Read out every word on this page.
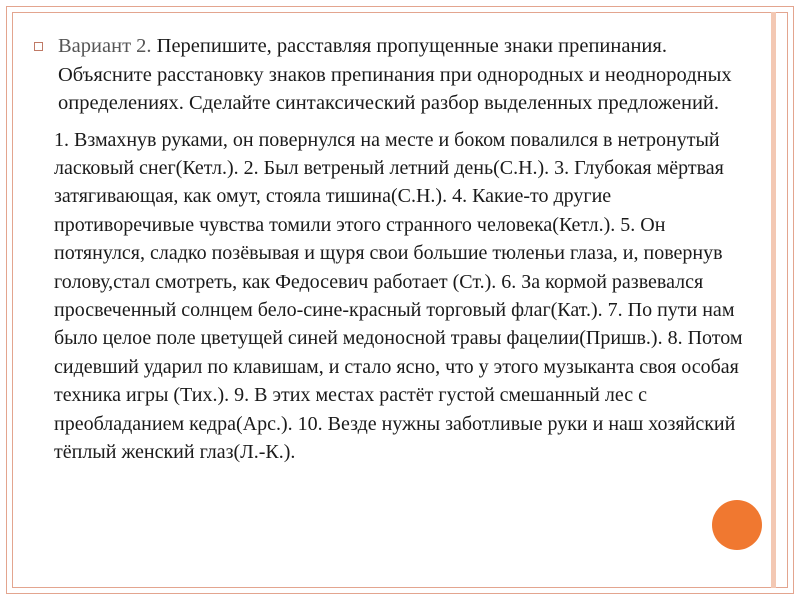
Вариант 2. Перепишите, расставляя пропущенные знаки препинания. Объясните расстановку знаков препинания при однородных и неоднородных определениях. Сделайте синтаксический разбор выделенных предложений.

1. Взмахнув руками, он повернулся на месте и боком повалился в нетронутый ласковый снег(Кетл.). 2. Был ветреный летний день(С.Н.). 3. Глубокая мёртвая затягивающая, как омут, стояла тишина(С.Н.). 4. Какие-то другие противоречивые чувства томили этого странного человека(Кетл.). 5. Он потянулся, сладко позёвывая и щуря свои большие тюленьи глаза, и, повернув голову,стал смотреть, как Федосевич работает (Ст.). 6. За кормой развевался просвеченный солнцем бело-сине-красный торговый флаг(Кат.). 7. По пути нам было целое поле цветущей синей медоносной травы фацелии(Пришв.). 8. Потом сидевший ударил по клавишам, и стало ясно, что у этого музыканта своя особая техника игры (Тих.). 9. В этих местах растёт густой смешанный лес с преобладанием кедра(Арс.). 10. Везде нужны заботливые руки и наш хозяйский тёплый женский глаз(Л.-К.).
